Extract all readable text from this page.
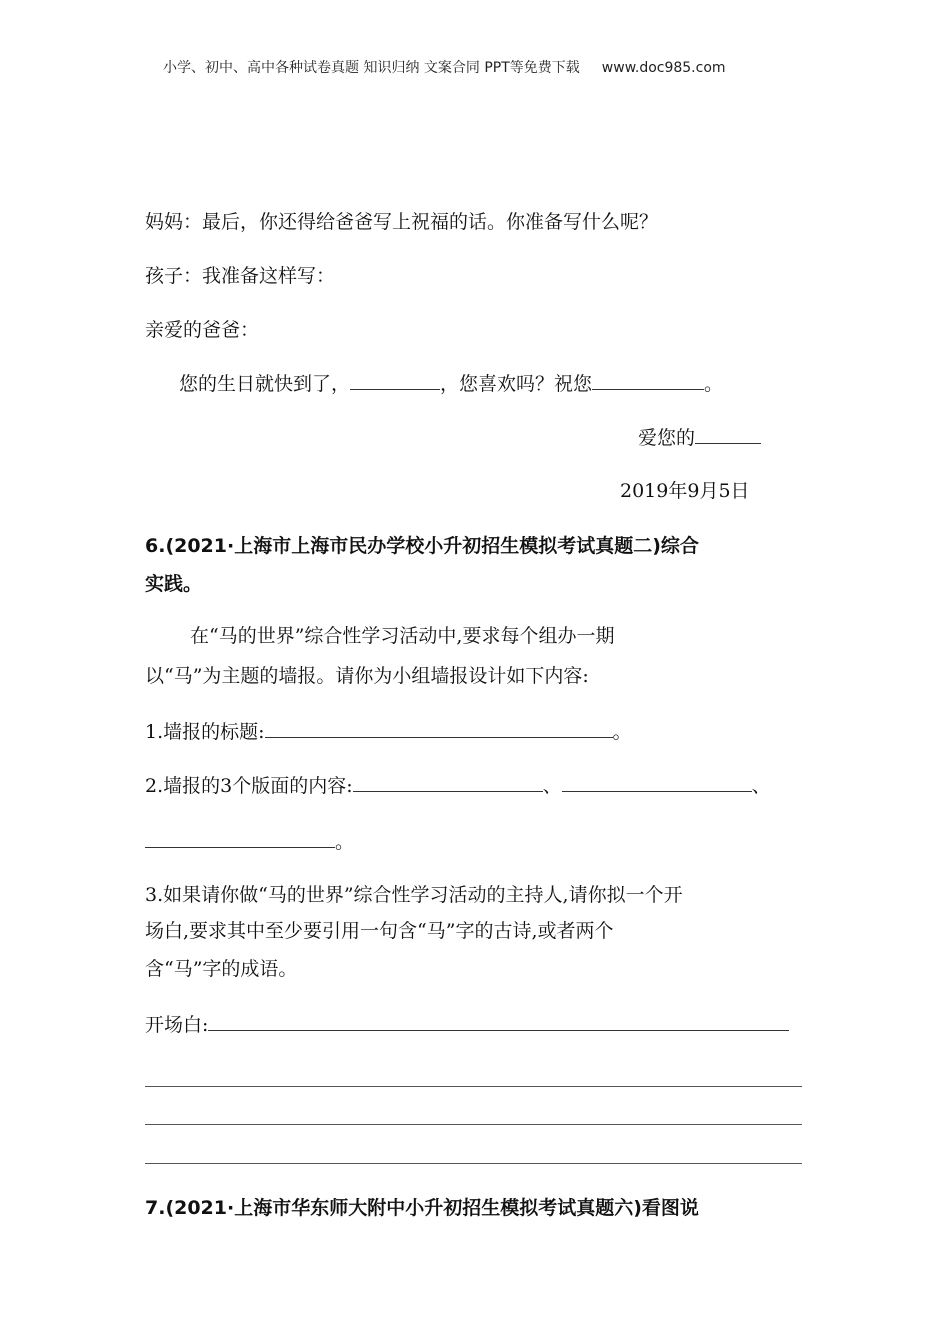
小学、初中、高中各种试卷真题 知识归纳 文案合同 PPT等免费下载 www.doc985.com
妈妈：最后，你还得给爸爸写上祝福的话。你准备写什么呢？
孩子：我准备这样写：
亲爱的爸爸：
您的生日就快到了，	，您喜欢吗？祝您	。
爱您的
2019年9月5日
6.(2021·上海市上海市民办学校小升初招生模拟考试真题二)综合
实践。
在“马的世界”综合性学习活动中,要求每个组办一期
以“马”为主题的墙报。请你为小组墙报设计如下内容:
1.墙报的标题:	。
2.墙报的3个版面的内容:	、	、
。
3.如果请你做“马的世界”综合性学习活动的主持人,请你拟一个开
场白,要求其中至少要引用一句含“马”字的古诗,或者两个
含“马”字的成语。
开场白:
7.(2021·上海市华东师大附中小升初招生模拟考试真题六)看图说
